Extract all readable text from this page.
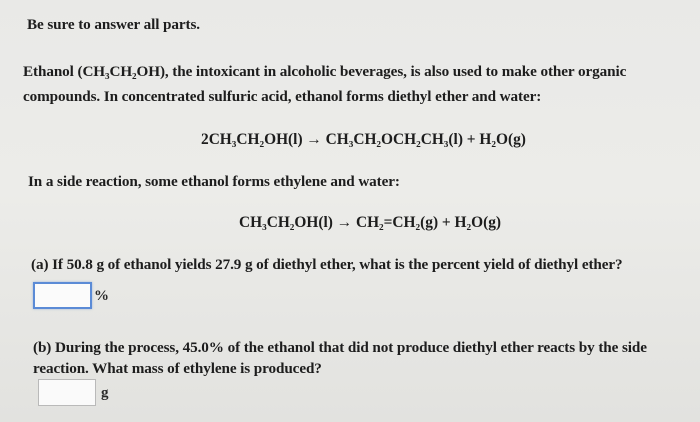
Be sure to answer all parts.
Ethanol (CH₃CH₂OH), the intoxicant in alcoholic beverages, is also used to make other organic
compounds. In concentrated sulfuric acid, ethanol forms diethyl ether and water:
2CH₃CH₂OH(l) → CH₃CH₂OCH₂CH₃(l) + H₂O(g)
In a side reaction, some ethanol forms ethylene and water:
CH₃CH₂OH(l) → CH₂=CH₂(g) + H₂O(g)
(a) If 50.8 g of ethanol yields 27.9 g of diethyl ether, what is the percent yield of diethyl ether?
%
(b) During the process, 45.0% of the ethanol that did not produce diethyl ether reacts by the side
reaction. What mass of ethylene is produced?
g
